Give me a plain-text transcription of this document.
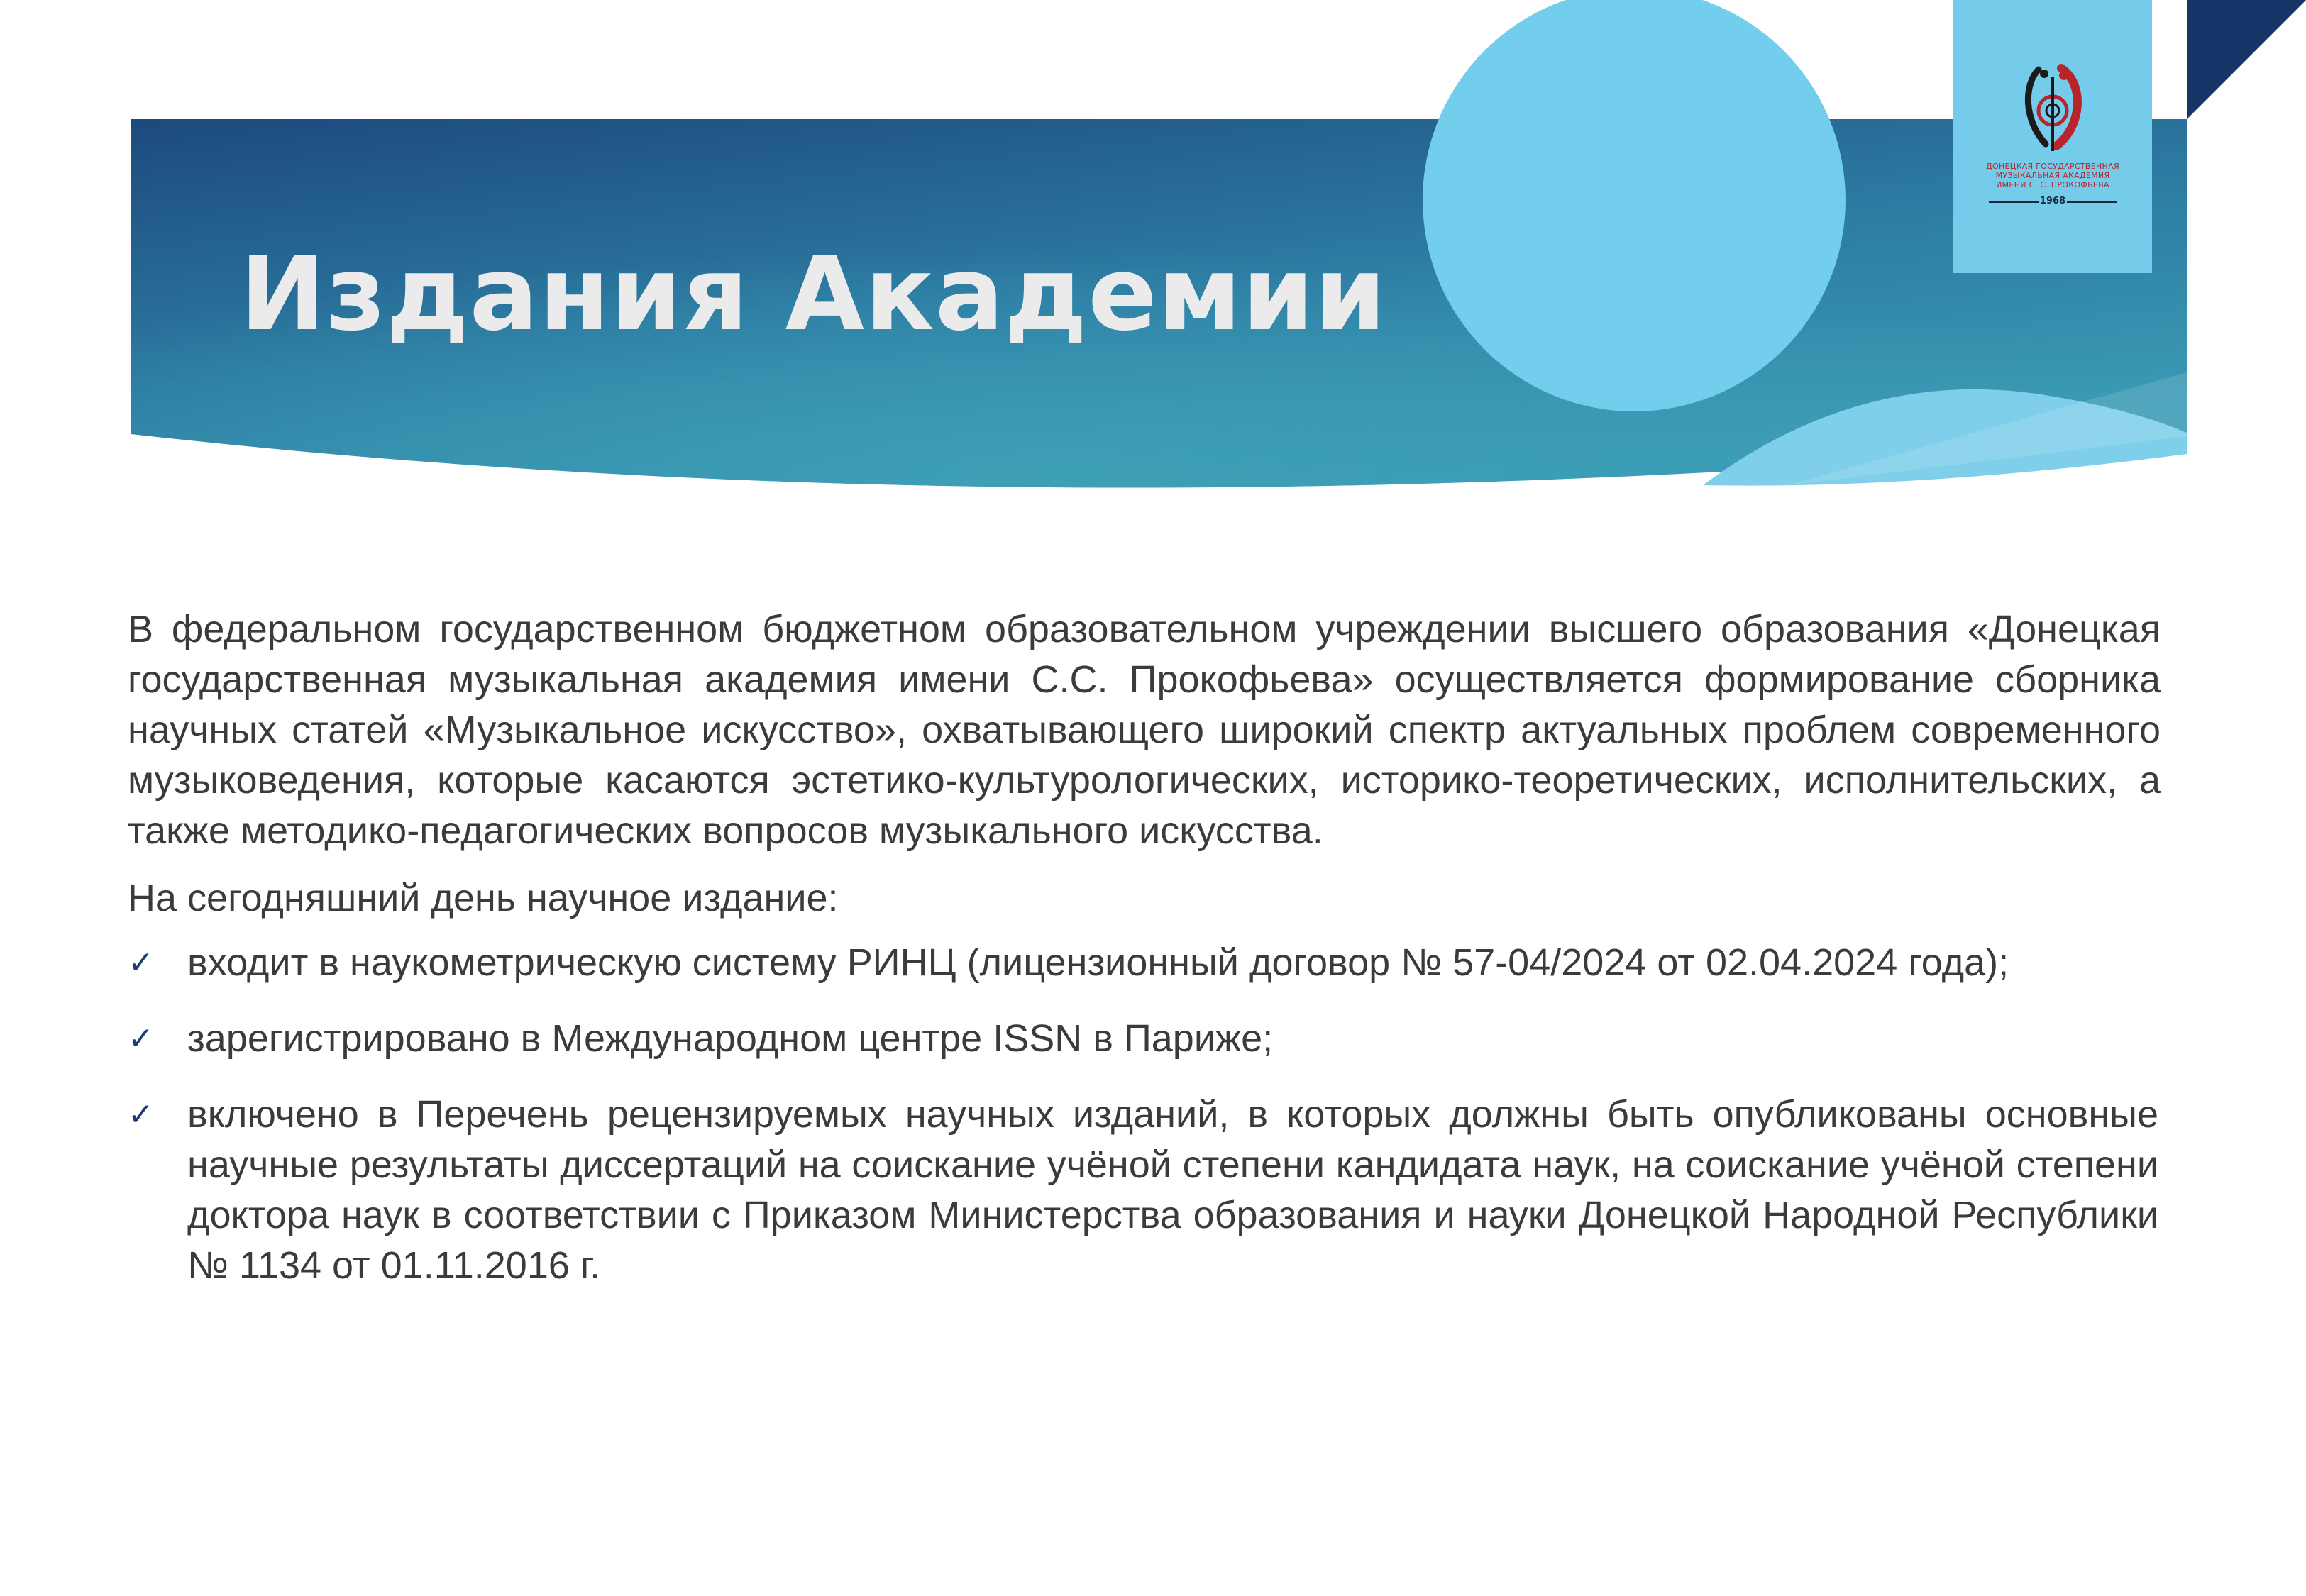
Издания Академии
ДОНЕЦКАЯ ГОСУДАРСТВЕННАЯ
МУЗЫКАЛЬНАЯ АКАДЕМИЯ
ИМЕНИ С. С. ПРОКОФЬЕВА
1968

В федеральном государственном бюджетном образовательном учреждении высшего образования «Донецкая государственная музыкальная академия имени С.С. Прокофьева» осуществляется формирование сборника научных статей «Музыкальное искусство», охватывающего широкий спектр актуальных проблем современного музыковедения, которые касаются эстетико-культурологических, историко-теоретических, исполнительских, а также методико-педагогических вопросов музыкального искусства.

На сегодняшний день научное издание:

✓ входит в наукометрическую систему РИНЦ (лицензионный договор № 57-04/2024 от 02.04.2024 года);
✓ зарегистрировано в Международном центре ISSN в Париже;
✓ включено в Перечень рецензируемых научных изданий, в которых должны быть опубликованы основные научные результаты диссертаций на соискание учёной степени кандидата наук, на соискание учёной степени доктора наук в соответствии с Приказом Министерства образования и науки Донецкой Народной Республики № 1134 от 01.11.2016 г.
